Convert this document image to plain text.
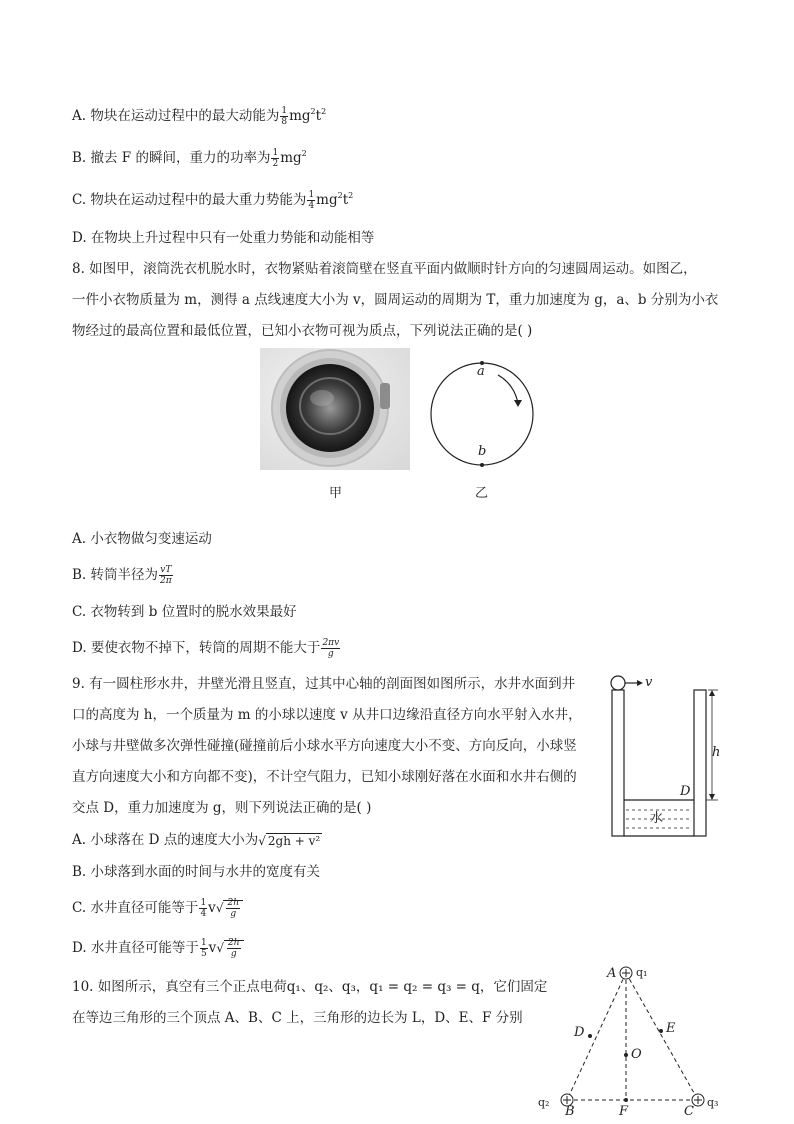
A. 物块在运动过程中的最大动能为 $\frac{1}{8} mg^2t^2$
B. 撤去 F 的瞬间，重力的功率为 $\frac{1}{2} mg^2$
C. 物块在运动过程中的最大重力势能为 $\frac{1}{4} mg^2t^2$
D. 在物块上升过程中只有一处重力势能和动能相等
8. 如图甲，滚筒洗衣机脱水时，衣物紧贴着滚筒壁在竖直平面内做顺时针方向的匀速圆周运动。如图乙，
一件小衣物质量为 m，测得 a 点线速度大小为 v，圆周运动的周期为 T，重力加速度为 g，a、b 分别为小衣
物经过的最高位置和最低位置，已知小衣物可视为质点，下列说法正确的是( )
a
b
甲	乙
A. 小衣物做匀变速运动
B. 转筒半径为 $\frac{vT}{2\pi}$
C. 衣物转到 b 位置时的脱水效果最好
D. 要使衣物不掉下，转筒的周期不能大于 $\frac{2\pi v}{g}$
9. 有一圆柱形水井，井壁光滑且竖直，过其中心轴的剖面图如图所示，水井水面到井
口的高度为 h，一个质量为 m 的小球以速度 v 从井口边缘沿直径方向水平射入水井，
小球与井壁做多次弹性碰撞(碰撞前后小球水平方向速度大小不变、方向反向，小球竖
直方向速度大小和方向都不变)，不计空气阻力，已知小球刚好落在水面和水井右侧的
交点 D，重力加速度为 g，则下列说法正确的是( )
A. 小球落在 D 点的速度大小为√ 2gh + v²
B. 小球落到水面的时间与水井的宽度有关
C. 水井直径可能等于 $\frac{1}{4} v√ \frac{2h}{g}$
D. 水井直径可能等于 $\frac{1}{5} v√ \frac{2h}{g}$
v
h
D
水
10. 如图所示，真空有三个正点电荷q₁、q₂、q₃，q₁ = q₂ = q₃ = q，它们固定
在等边三角形的三个顶点 A、B、C 上，三角形的边长为 L，D、E、F 分别
A q₁
D	E
O
q₂
B	F	C
q₃
